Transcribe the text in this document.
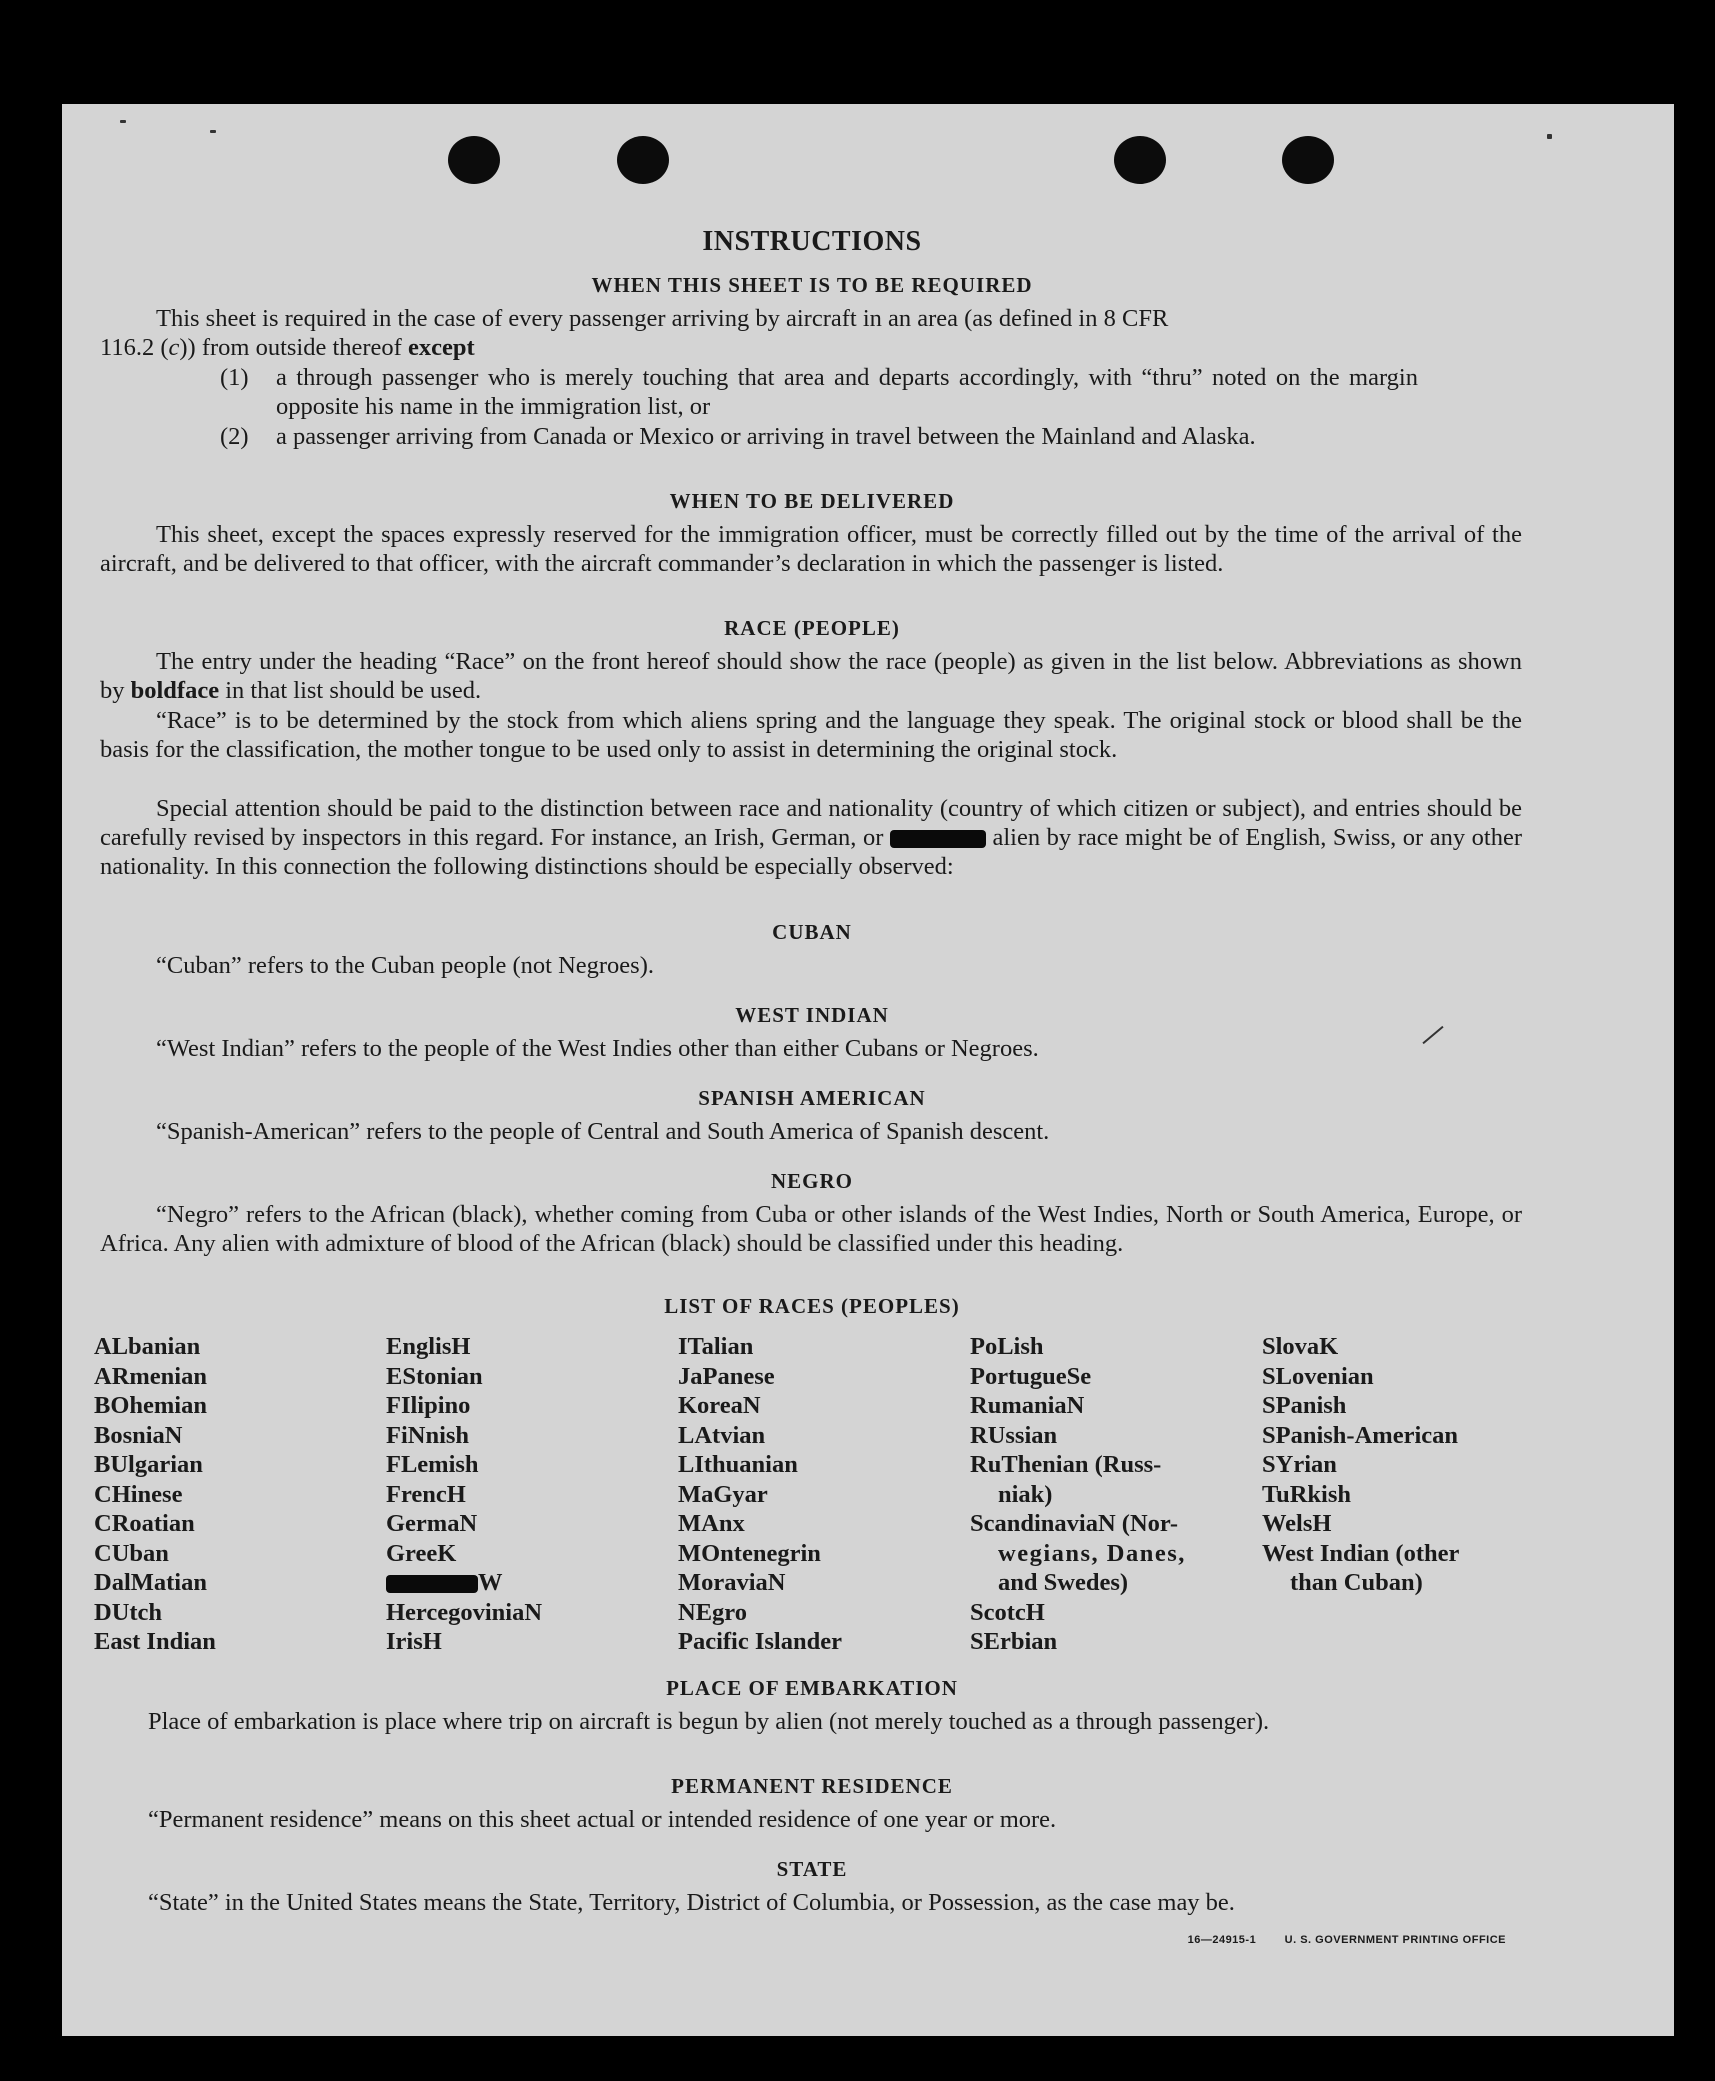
INSTRUCTIONS
WHEN THIS SHEET IS TO BE REQUIRED

This sheet is required in the case of every passenger arriving by aircraft in an area (as defined in 8 CFR

116.2 (c)) from outside thereof except

(1) a through passenger who is merely touching that area and departs accordingly, with “thru” noted on the margin opposite his name in the immigration list, or
(2) a passenger arriving from Canada or Mexico or arriving in travel between the Mainland and Alaska.
WHEN TO BE DELIVERED

This sheet, except the spaces expressly reserved for the immigration officer, must be correctly filled out by the time of the arrival of the aircraft, and be delivered to that officer, with the aircraft commander’s declaration in which the passenger is listed.

RACE (PEOPLE)

The entry under the heading “Race” on the front hereof should show the race (people) as given in the list below. Abbreviations as shown by boldface in that list should be used.

“Race” is to be determined by the stock from which aliens spring and the language they speak. The original stock or blood shall be the basis for the classification, the mother tongue to be used only to assist in determining the original stock.

Special attention should be paid to the distinction between race and nationality (country of which citizen or subject), and entries should be carefully revised by inspectors in this regard. For instance, an Irish, German, or	alien by race might be of English, Swiss, or any other nationality. In this connection the following distinctions should be especially observed:

CUBAN

“Cuban” refers to the Cuban people (not Negroes).

WEST INDIAN

“West Indian” refers to the people of the West Indies other than either Cubans or Negroes.

SPANISH AMERICAN

“Spanish-American” refers to the people of Central and South America of Spanish descent.

NEGRO

“Negro” refers to the African (black), whether coming from Cuba or other islands of the West Indies, North or South America, Europe, or Africa. Any alien with admixture of blood of the African (black) should be classified under this heading.

LIST OF RACES (PEOPLES)
ALbanian
ARmenian
BOhemian
BosniaN
BUlgarian
CHinese
CRoatian
CUban
DalMatian
DUtch
East Indian
EnglisH
EStonian
FIlipino
FiNnish
FLemish
FrencH
GermaN
GreeK
W
HercegoviniaN
IrisH
ITalian
JaPanese
KoreaN
LAtvian
LIthuanian
MaGyar
MAnx
MOntenegrin
MoraviaN
NEgro
Pacific Islander
PoLish
PortugueSe
RumaniaN
RUssian
RuThenian (Russ-
niak)
ScandinaviaN (Nor-
wegians, Danes,
and Swedes)
ScotcH
SErbian
SlovaK
SLovenian
SPanish
SPanish-American
SYrian
TuRkish
WelsH
West Indian (other
than Cuban)
PLACE OF EMBARKATION

Place of embarkation is place where trip on aircraft is begun by alien (not merely touched as a through passenger).

PERMANENT RESIDENCE

“Permanent residence” means on this sheet actual or intended residence of one year or more.

STATE

“State” in the United States means the State, Territory, District of Columbia, or Possession, as the case may be.

16—24915-1	U. S. GOVERNMENT PRINTING OFFICE
